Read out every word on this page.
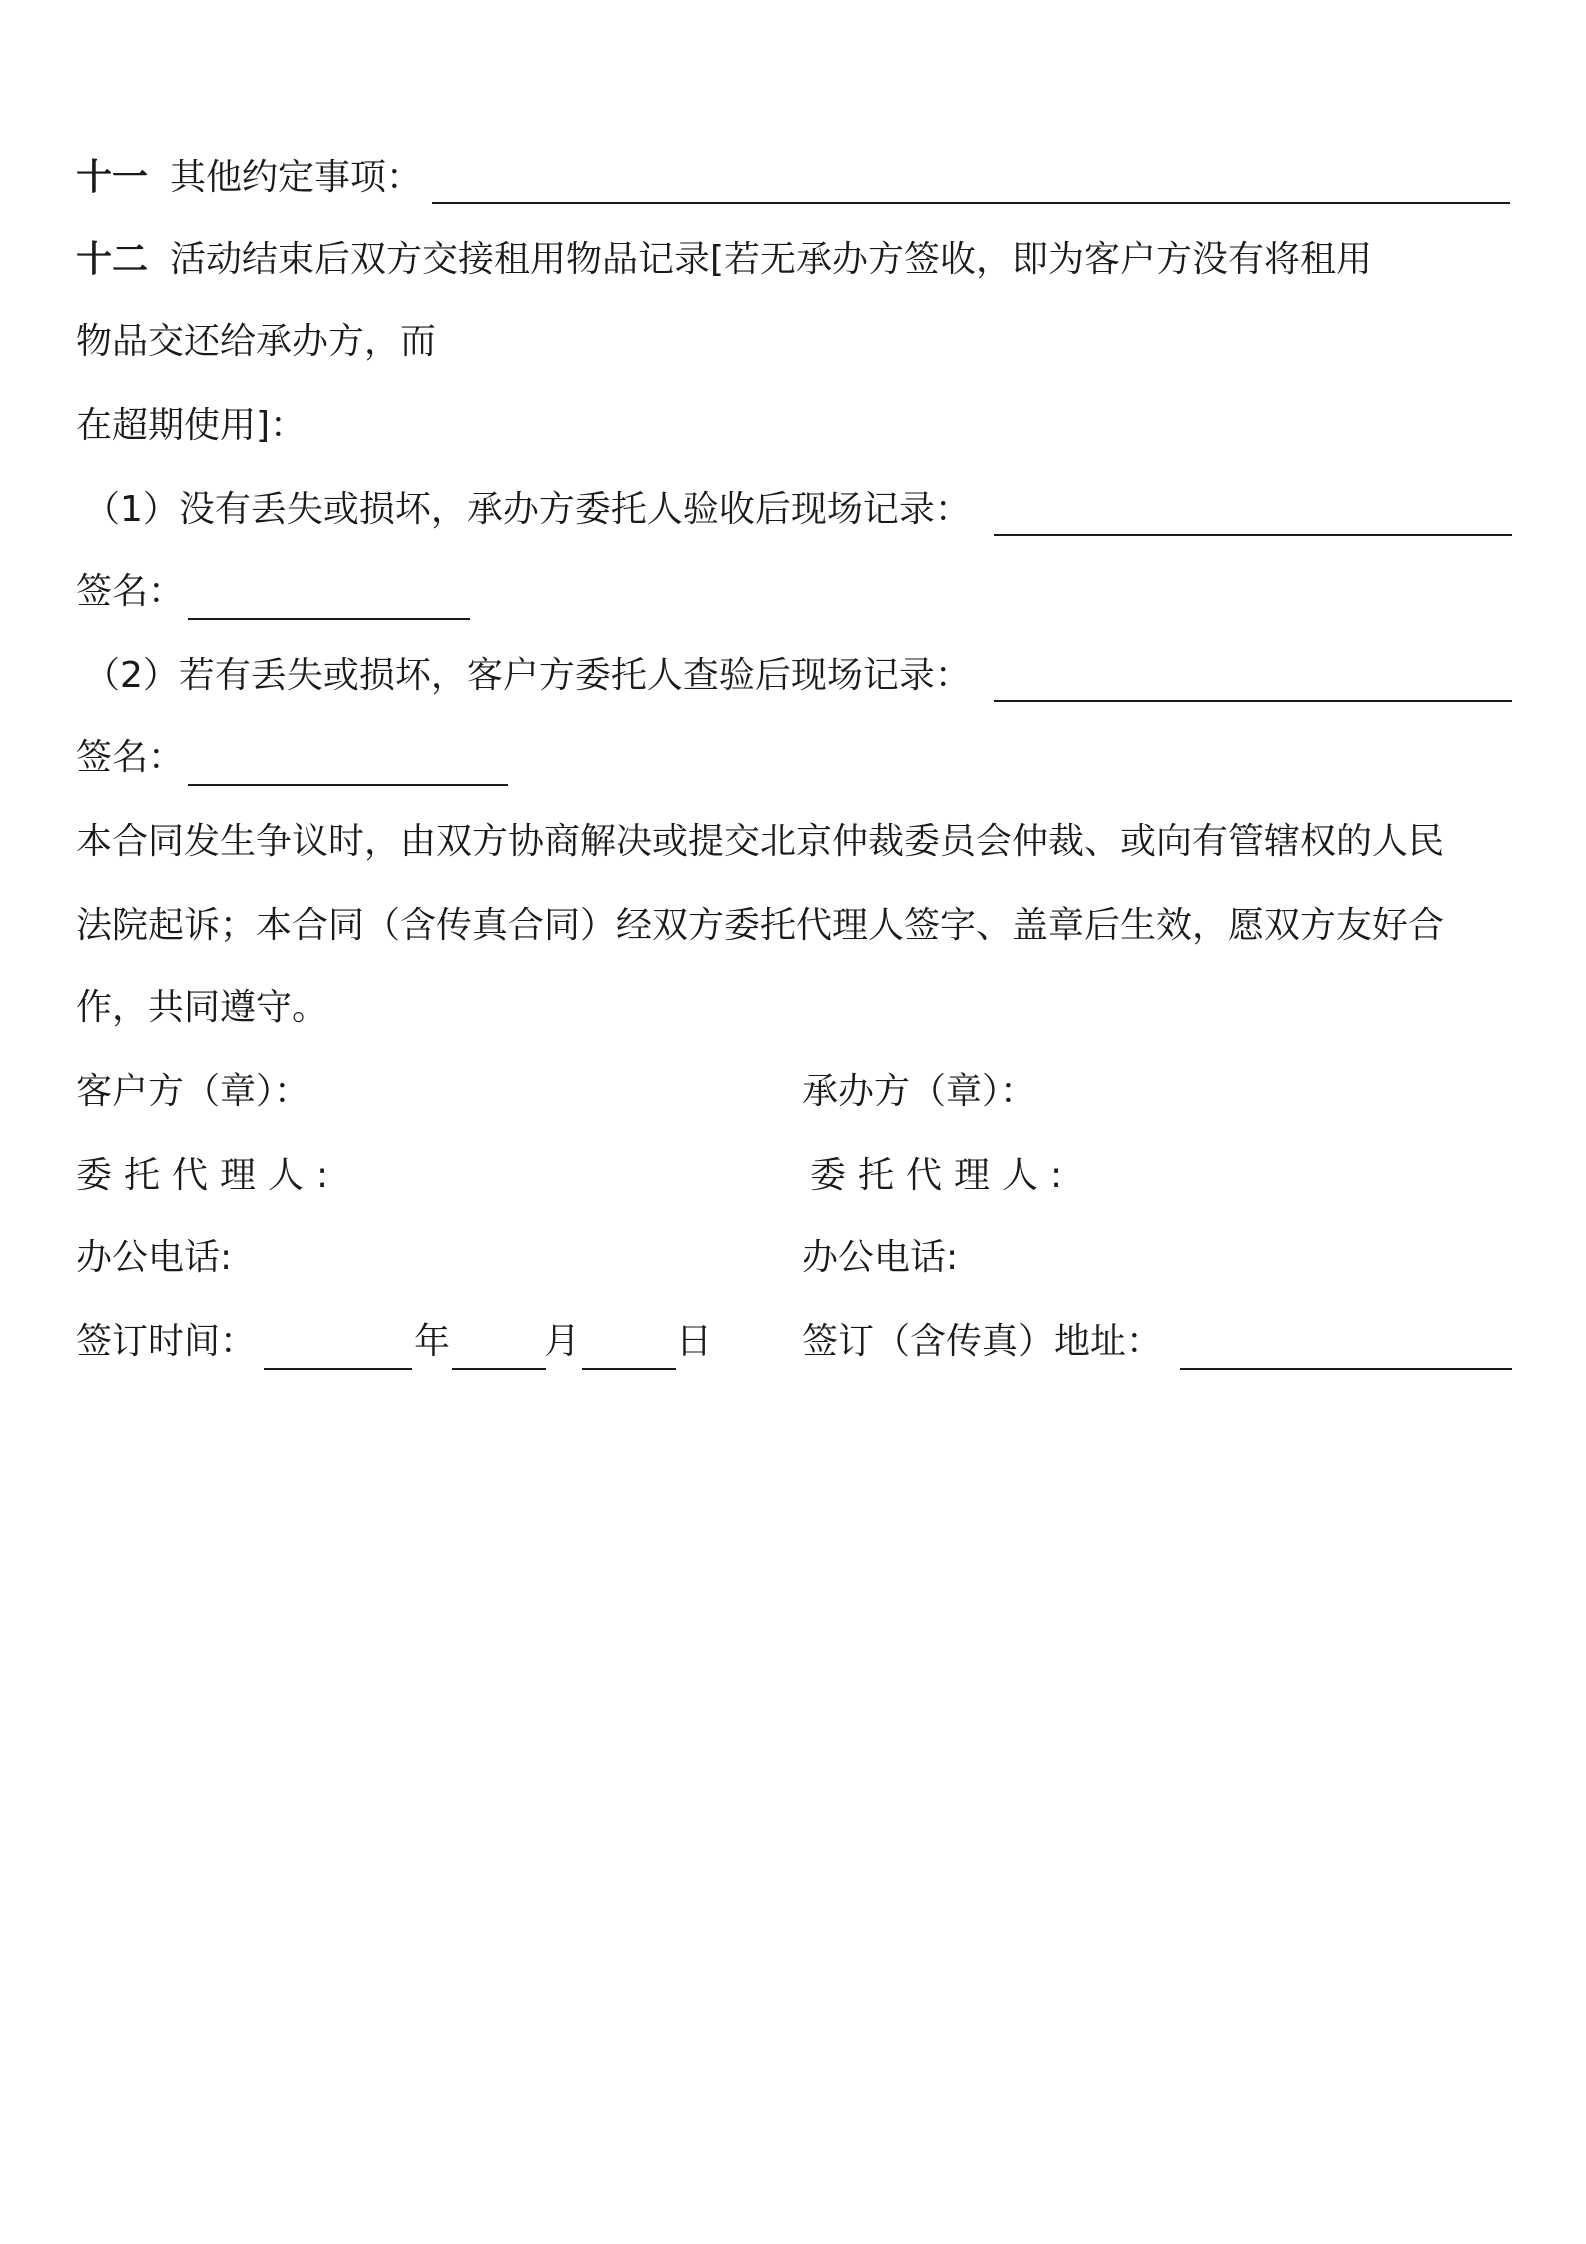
十一 其他约定事项：
十二 活动结束后双方交接租用物品记录[若无承办方签收，即为客户方没有将租用
物品交还给承办方，而
在超期使用]：
（1）没有丢失或损坏，承办方委托人验收后现场记录：
签名：
（2）若有丢失或损坏，客户方委托人查验后现场记录：
签名：
本合同发生争议时，由双方协商解决或提交北京仲裁委员会仲裁、或向有管辖权的人民
法院起诉；本合同（含传真合同）经双方委托代理人签字、盖章后生效，愿双方友好合
作，共同遵守。
客户方（章）：	承办方（章）：
委托代理人:	委托代理人:
办公电话:	办公电话:
签订时间：	年	月	日 签订（含传真）地址：
